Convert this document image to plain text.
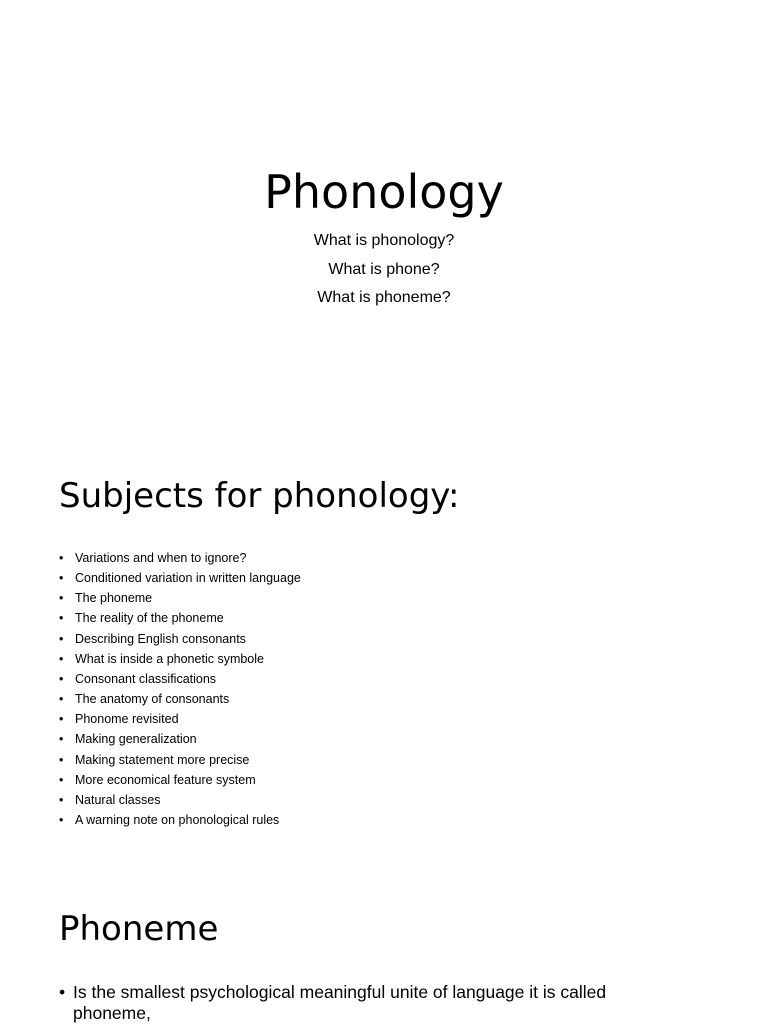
Phonology
What is phonology?
What is phone?
What is phoneme?
Subjects for phonology:
• Variations and when to ignore?
• Conditioned variation in written language
• The phoneme
• The reality of the phoneme
• Describing English consonants
• What is inside a phonetic symbole
• Consonant classifications
• The anatomy of consonants
• Phonome revisited
• Making generalization
• Making statement more precise
• More economical feature system
• Natural classes
• A warning note on phonological rules
Phoneme
• Is the smallest psychological meaningful unite of language it is called phoneme,
